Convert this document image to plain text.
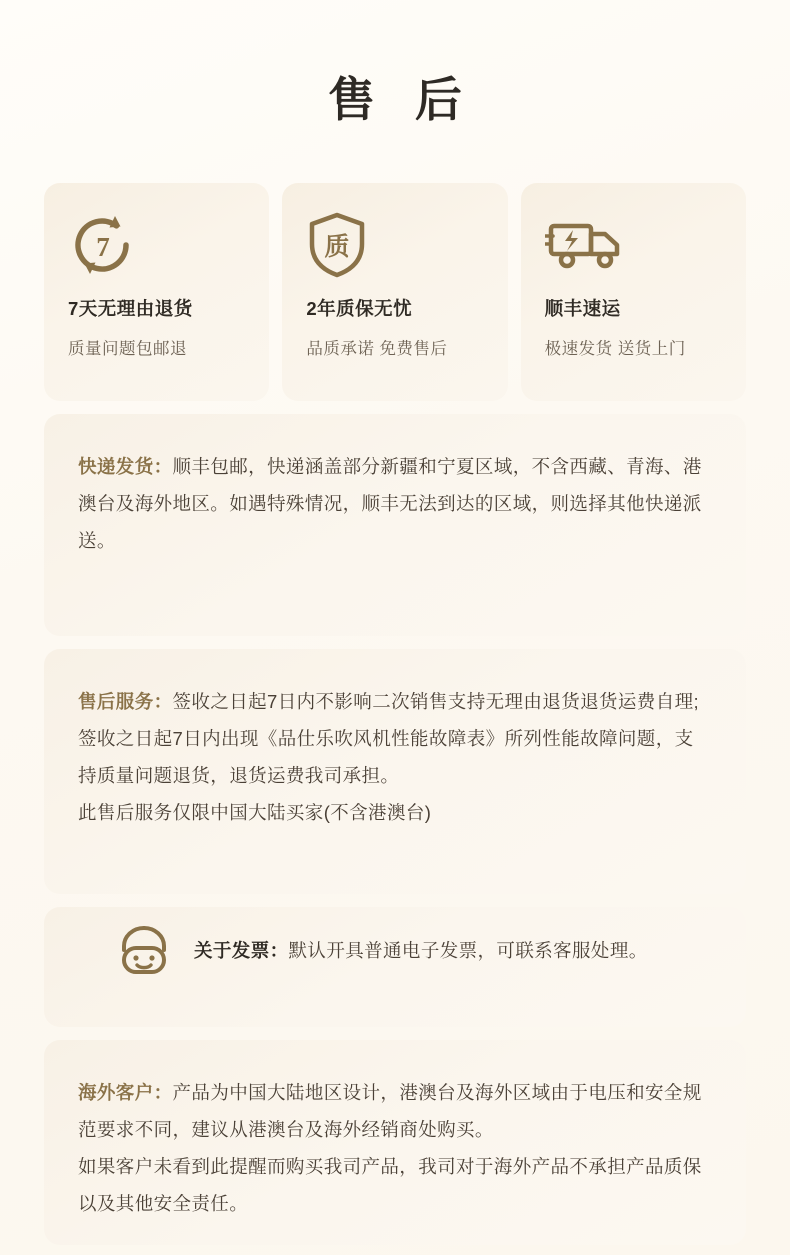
售 后
7
7天无理由退货
质量问题包邮退
质
2年质保无忧
品质承诺 免费售后
顺丰速运
极速发货 送货上门
快递发货：顺丰包邮，快递涵盖部分新疆和宁夏区域，不含西藏、青海、港澳台及海外地区。如遇特殊情况，顺丰无法到达的区域，则选择其他快递派送。
售后服务：签收之日起7日内不影响二次销售支持无理由退货退货运费自理;签收之日起7日内出现《品仕乐吹风机性能故障表》所列性能故障问题，支持质量问题退货，退货运费我司承担。
此售后服务仅限中国大陆买家(不含港澳台)
关于发票：默认开具普通电子发票，可联系客服处理。
海外客户：产品为中国大陆地区设计，港澳台及海外区域由于电压和安全规范要求不同，建议从港澳台及海外经销商处购买。
如果客户未看到此提醒而购买我司产品，我司对于海外产品不承担产品质保以及其他安全责任。
